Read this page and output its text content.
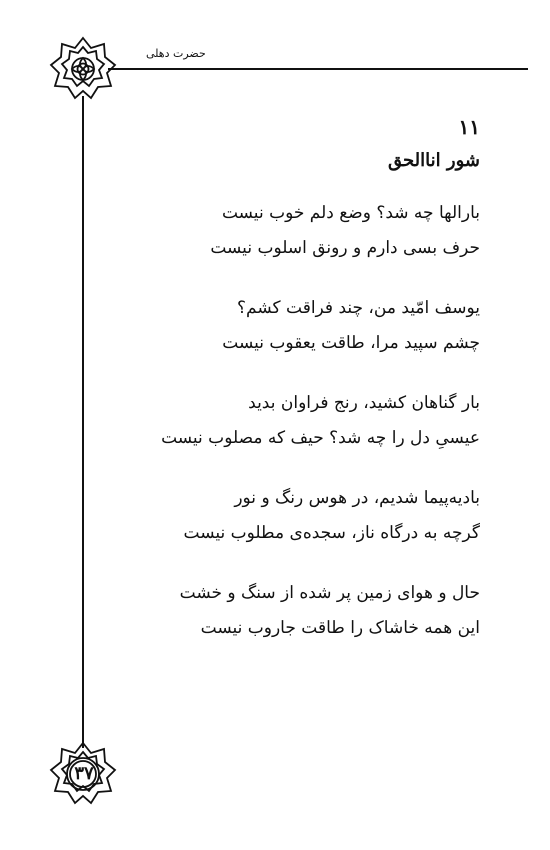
حضرت دهلی
۱۱
شور اناالحق
بارالها چه شد؟ وضع دلم خوب نیست
حرف بسی دارم و رونق اسلوب نیست
یوسف امّید من، چند فراقت کشم؟
چشم سپید مرا، طاقت یعقوب نیست
بار گناهان کشید، رنج فراوان بدید
عیسیِ دل را چه شد؟ حیف که مصلوب نیست
بادیه‌پیما شدیم، در هوس رنگ و نور
گرچه به درگاه ناز، سجده‌ی مطلوب نیست
حال و هوای زمین پر شده از سنگ و خشت
این همه خاشاک را طاقت جاروب نیست
۳۷
